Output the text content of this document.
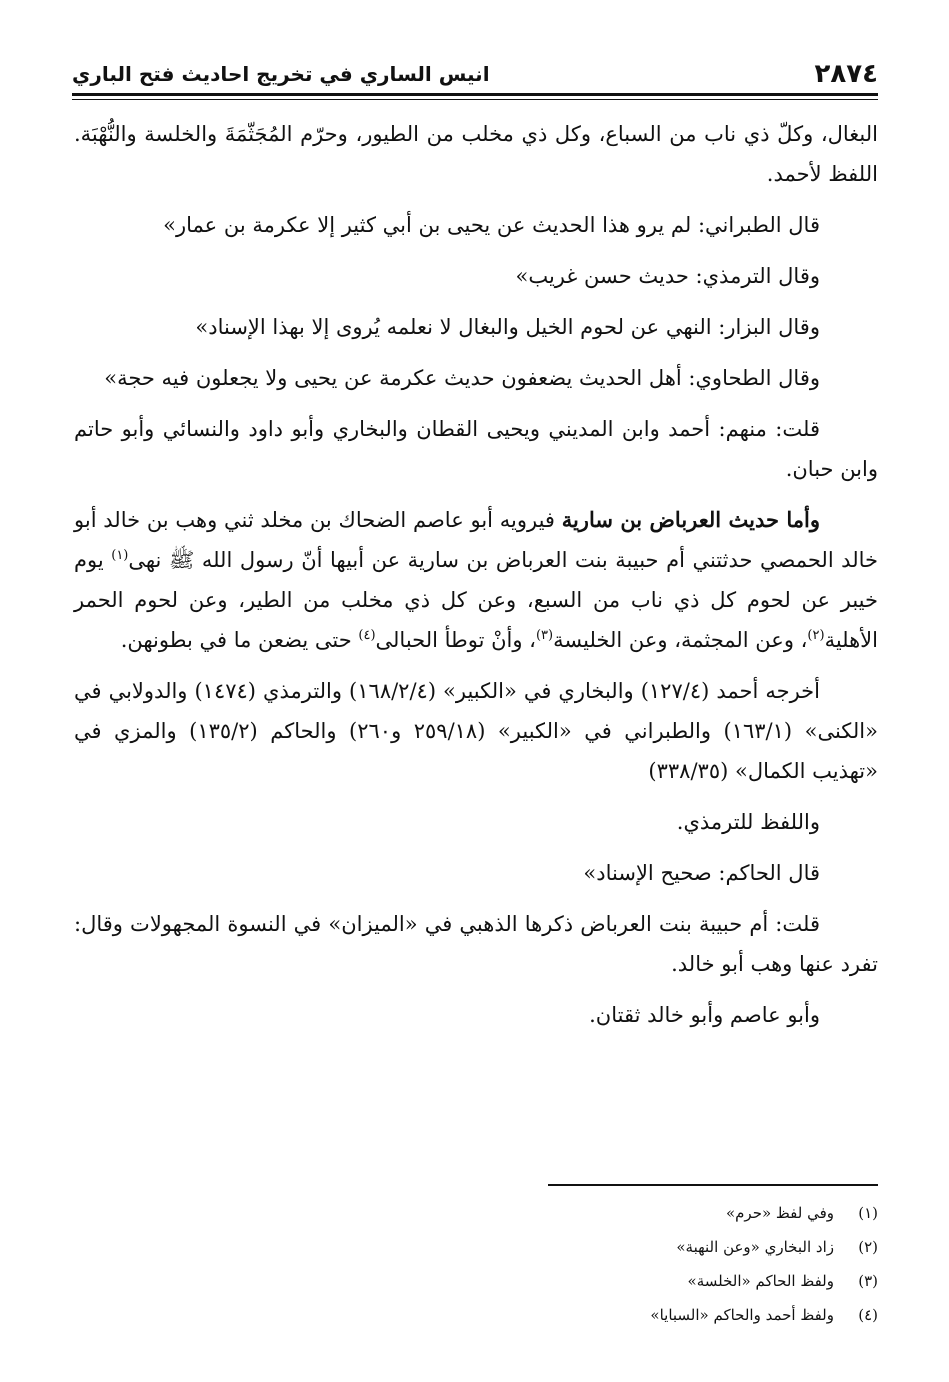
٢٨٧٤
انيس الساري في تخريج احاديث فتح الباري

البغال، وكلّ ذي ناب من السباع، وكل ذي مخلب من الطيور، وحرّم المُجَثّمَةَ والخلسة والنُّهْبَة. اللفظ لأحمد.

قال الطبراني: لم يرو هذا الحديث عن يحيى بن أبي كثير إلا عكرمة بن عمار»

وقال الترمذي: حديث حسن غريب»

وقال البزار: النهي عن لحوم الخيل والبغال لا نعلمه يُروى إلا بهذا الإسناد»

وقال الطحاوي: أهل الحديث يضعفون حديث عكرمة عن يحيى ولا يجعلون فيه حجة»

قلت: منهم: أحمد وابن المديني ويحيى القطان والبخاري وأبو داود والنسائي وأبو حاتم وابن حبان.

وأما حديث العرباض بن سارية فيرويه أبو عاصم الضحاك بن مخلد ثني وهب بن خالد أبو خالد الحمصي حدثتني أم حبيبة بنت العرباض بن سارية عن أبيها أنّ رسول الله ﷺ نهى$^{(١)}$ يوم خيبر عن لحوم كل ذي ناب من السبع، وعن كل ذي مخلب من الطير، وعن لحوم الحمر الأهلية$^{(٢)}$، وعن المجثمة، وعن الخليسة$^{(٣)}$، وأنْ توطأ الحبالى$^{(٤)}$ حتى يضعن ما في بطونهن.

أخرجه أحمد (١٢٧/٤) والبخاري في «الكبير» (١٦٨/٢/٤) والترمذي (١٤٧٤) والدولابي في «الكنى» (١٦٣/١) والطبراني في «الكبير» (٢٥٩/١٨ و٢٦٠) والحاكم (١٣٥/٢) والمزي في «تهذيب الكمال» (٣٣٨/٣٥)

واللفظ للترمذي.

قال الحاكم: صحيح الإسناد»

قلت: أم حبيبة بنت العرباض ذكرها الذهبي في «الميزان» في النسوة المجهولات وقال: تفرد عنها وهب أبو خالد.

وأبو عاصم وأبو خالد ثقتان.

(١)
وفي لفظ «حرم»
(٢)
زاد البخاري «وعن النهبة»
(٣)
ولفظ الحاكم «الخلسة»
(٤)
ولفظ أحمد والحاكم «السبايا»
